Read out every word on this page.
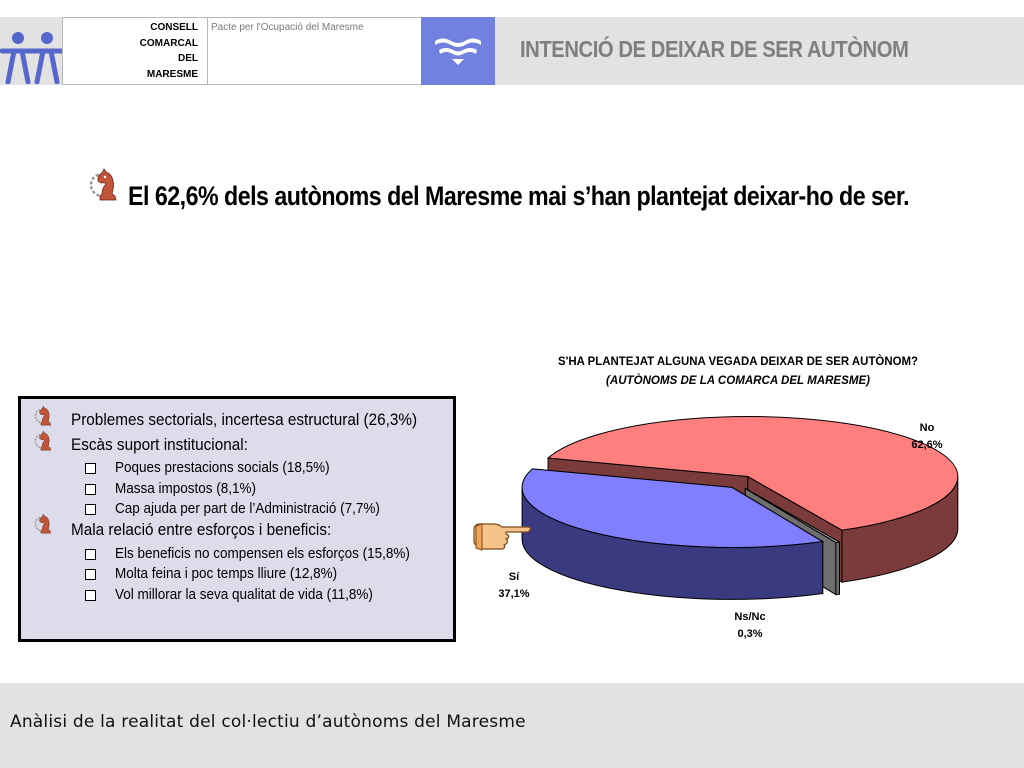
CONSELL
COMARCAL
DEL
MARESME
Pacte per l'Ocupació del Maresme
INTENCIÓ DE DEIXAR DE SER AUTÒNOM
El 62,6% dels autònoms del Maresme mai s’han plantejat deixar-ho de ser.
Problemes sectorials, incertesa estructural (26,3%)
Escàs suport institucional:
Poques prestacions socials (18,5%)
Massa impostos (8,1%)
Cap ajuda per part de l’Administració (7,7%)
Mala relació entre esforços i beneficis:
Els beneficis no compensen els esforços (15,8%)
Molta feina i poc temps lliure (12,8%)
Vol millorar la seva qualitat de vida (11,8%)
S'HA PLANTEJAT ALGUNA VEGADA DEIXAR DE SER AUTÒNOM?
(AUTÒNOMS DE LA COMARCA DEL MARESME)
No
62,6%
Ns/Nc
0,3%
Sí
37,1%
Anàlisi de la realitat del col·lectiu d’autònoms del Maresme
